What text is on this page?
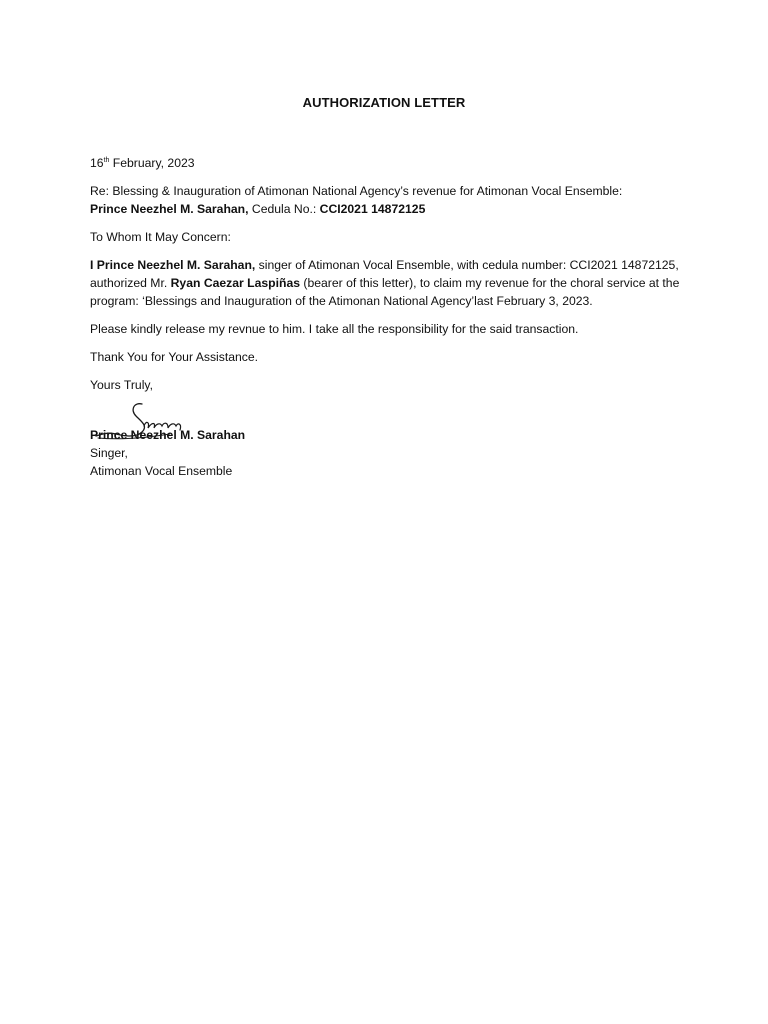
AUTHORIZATION LETTER

16th February, 2023

Re: Blessing & Inauguration of Atimonan National Agency’s revenue for Atimonan Vocal Ensemble:
Prince Neezhel M. Sarahan, Cedula No.: CCI2021 14872125

To Whom It May Concern:

I Prince Neezhel M. Sarahan, singer of Atimonan Vocal Ensemble, with cedula number: CCI2021 14872125, authorized Mr. Ryan Caezar Laspiñas (bearer of this letter), to claim my revenue for the choral service at the program: ‘Blessings and Inauguration of the Atimonan National Agency’last February 3, 2023.

Please kindly release my revnue to him. I take all the responsibility for the said transaction.

Thank You for Your Assistance.

Yours Truly,

Prince Neezhel M. Sarahan
Singer,
Atimonan Vocal Ensemble
